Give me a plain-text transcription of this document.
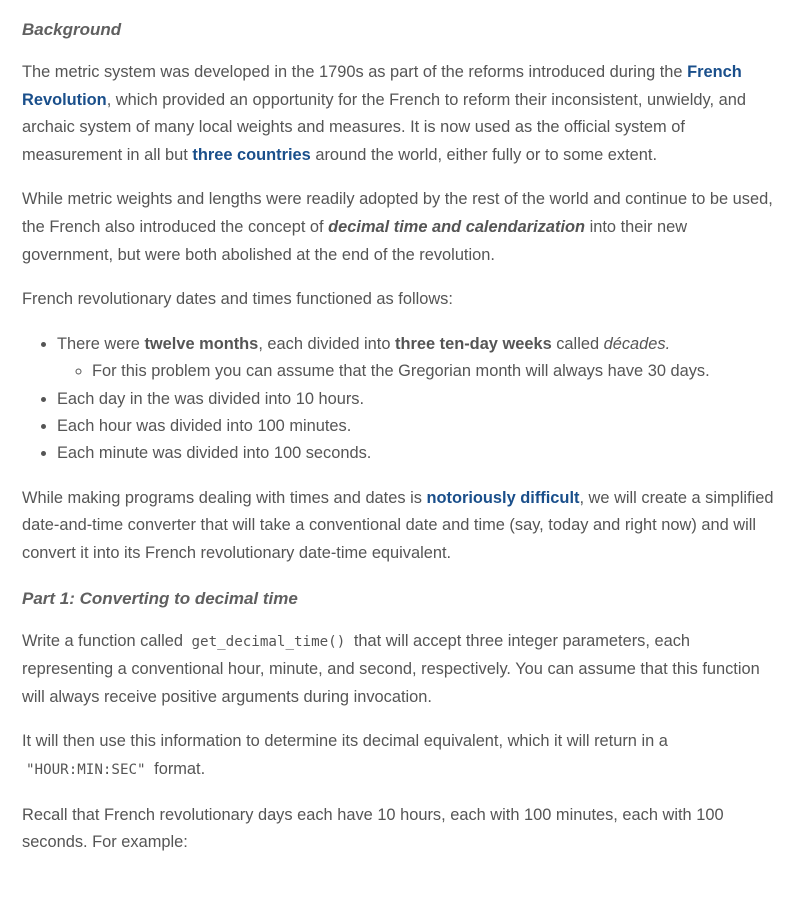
Background

The metric system was developed in the 1790s as part of the reforms introduced during the French Revolution, which provided an opportunity for the French to reform their inconsistent, unwieldy, and archaic system of many local weights and measures. It is now used as the official system of measurement in all but three countries around the world, either fully or to some extent.

While metric weights and lengths were readily adopted by the rest of the world and continue to be used, the French also introduced the concept of decimal time and calendarization into their new government, but were both abolished at the end of the revolution.

French revolutionary dates and times functioned as follows:

• There were twelve months, each divided into three ten-day weeks called décades.
◦ For this problem you can assume that the Gregorian month will always have 30 days.
• Each day in the was divided into 10 hours.
• Each hour was divided into 100 minutes.
• Each minute was divided into 100 seconds.

While making programs dealing with times and dates is notoriously difficult, we will create a simplified date-and-time converter that will take a conventional date and time (say, today and right now) and will convert it into its French revolutionary date-time equivalent.

Part 1: Converting to decimal time

Write a function called get_decimal_time() that will accept three integer parameters, each representing a conventional hour, minute, and second, respectively. You can assume that this function will always receive positive arguments during invocation.

It will then use this information to determine its decimal equivalent, which it will return in a "HOUR:MIN:SEC" format.

Recall that French revolutionary days each have 10 hours, each with 100 minutes, each with 100 seconds. For example:
